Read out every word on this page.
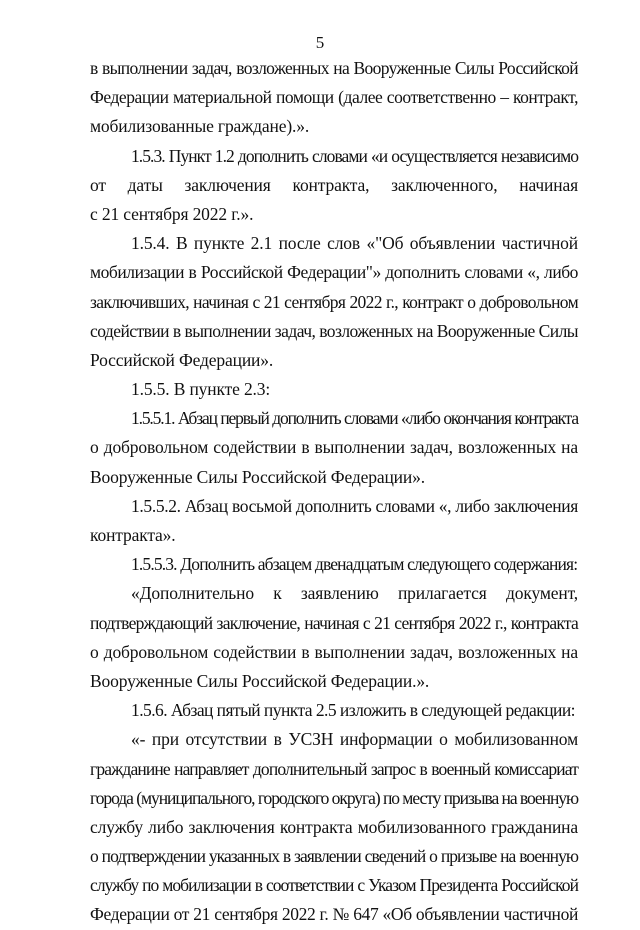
5
в выполнении задач, возложенных на Вооруженные Силы Российской
Федерации материальной помощи (далее соответственно – контракт,
мобилизованные граждане).».
1.5.3. Пункт 1.2 дополнить словами «и осуществляется независимо
от даты заключения контракта, заключенного, начиная
с 21 сентября 2022 г.».
1.5.4. В пункте 2.1 после слов «"Об объявлении частичной
мобилизации в Российской Федерации"» дополнить словами «, либо
заключивших, начиная с 21 сентября 2022 г., контракт о добровольном
содействии в выполнении задач, возложенных на Вооруженные Силы
Российской Федерации».
1.5.5. В пункте 2.3:
1.5.5.1. Абзац первый дополнить словами «либо окончания контракта
о добровольном содействии в выполнении задач, возложенных на
Вооруженные Силы Российской Федерации».
1.5.5.2. Абзац восьмой дополнить словами «, либо заключения
контракта».
1.5.5.3. Дополнить абзацем двенадцатым следующего содержания:
«Дополнительно к заявлению прилагается документ,
подтверждающий заключение, начиная с 21 сентября 2022 г., контракта
о добровольном содействии в выполнении задач, возложенных на
Вооруженные Силы Российской Федерации.».
1.5.6. Абзац пятый пункта 2.5 изложить в следующей редакции:
«- при отсутствии в УСЗН информации о мобилизованном
гражданине направляет дополнительный запрос в военный комиссариат
города (муниципального, городского округа) по месту призыва на военную
службу либо заключения контракта мобилизованного гражданина
о подтверждении указанных в заявлении сведений о призыве на военную
службу по мобилизации в соответствии с Указом Президента Российской
Федерации от 21 сентября 2022 г. № 647 «Об объявлении частичной
